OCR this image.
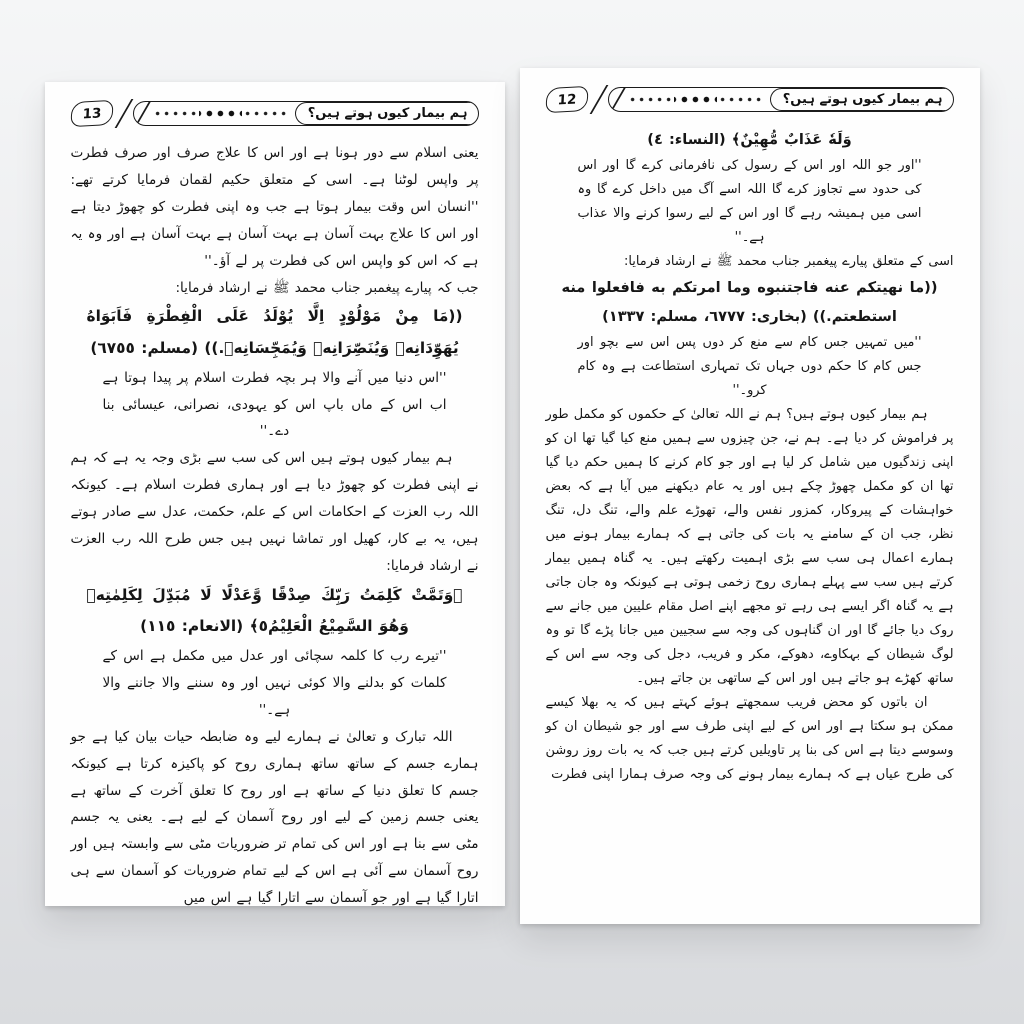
13	ہم بیمار کیوں ہوتے ہیں؟

یعنی اسلام سے دور ہونا ہے اور اس کا علاج صرف اور صرف فطرت پر واپس لوٹنا ہے۔ اسی کے متعلق حکیم لقمان فرمایا کرتے تھے: ''انسان اس وقت بیمار ہوتا ہے جب وہ اپنی فطرت کو چھوڑ دیتا ہے اور اس کا علاج بہت آسان ہے بہت آسان ہے بہت آسان ہے اور وہ یہ ہے کہ اس کو واپس اس کی فطرت پر لے آؤ۔''

جب کہ پیارے پیغمبر جناب محمد ﷺ نے ارشاد فرمایا:

((مَا مِنْ مَوْلُوْدٍ اِلَّا يُوْلَدُ عَلَى الْفِطْرَةِ فَاَبَوَاهُ يُهَوِّدَانِهٖ وَيُنَصِّرَانِهٖ وَيُمَجِّسَانِهٖ.)) (مسلم: ٦٧٥٥)

''اس دنیا میں آنے والا ہر بچہ فطرت اسلام پر پیدا ہوتا ہے اب اس کے ماں باپ اس کو یہودی، نصرانی، عیسائی بنا دے۔''

ہم بیمار کیوں ہوتے ہیں اس کی سب سے بڑی وجہ یہ ہے کہ ہم نے اپنی فطرت کو چھوڑ دیا ہے اور ہماری فطرت اسلام ہے۔ کیونکہ اللہ رب العزت کے احکامات اس کے علم، حکمت، عدل سے صادر ہوتے ہیں، یہ بے کار، کھیل اور تماشا نہیں ہیں جس طرح اللہ رب العزت نے ارشاد فرمایا:

﴿وَتَمَّتْ كَلِمَتُ رَبِّكَ صِدْقًا وَّعَدْلًا لَا مُبَدِّلَ لِكَلِمٰتِهٖ وَهُوَ السَّمِيْعُ الْعَلِيْمُ٥﴾ (الانعام: ١١٥)

''تیرے رب کا کلمہ سچائی اور عدل میں مکمل ہے اس کے کلمات کو بدلنے والا کوئی نہیں اور وہ سننے والا جاننے والا ہے۔''

اللہ تبارک و تعالیٰ نے ہمارے لیے وہ ضابطہ حیات بیان کیا ہے جو ہمارے جسم کے ساتھ ساتھ ہماری روح کو پاکیزہ کرتا ہے کیونکہ جسم کا تعلق دنیا کے ساتھ ہے اور روح کا تعلق آخرت کے ساتھ ہے یعنی جسم زمین کے لیے اور روح آسمان کے لیے ہے۔ یعنی یہ جسم مٹی سے بنا ہے اور اس کی تمام تر ضروریات مٹی سے وابستہ ہیں اور روح آسمان سے آئی ہے اس کے لیے تمام ضروریات کو آسمان سے ہی اتارا گیا ہے اور جو آسمان سے اتارا گیا ہے اس میں

12	ہم بیمار کیوں ہوتے ہیں؟

وَلَهٗ عَذَابٌ مُّهِيْنٌ﴾ (النساء: ٤)

''اور جو اللہ اور اس کے رسول کی نافرمانی کرے گا اور اس کی حدود سے تجاوز کرے گا اللہ اسے آگ میں داخل کرے گا وہ اسی میں ہمیشہ رہے گا اور اس کے لیے رسوا کرنے والا عذاب ہے۔''

اسی کے متعلق پیارے پیغمبر جناب محمد ﷺ نے ارشاد فرمایا:

((ما نهيتكم عنه فاجتنبوه وما امرتكم به فافعلوا منه استطعتم.)) (بخاری: ٦٧٧٧، مسلم: ١٣٣٧)

''میں تمہیں جس کام سے منع کر دوں پس اس سے بچو اور جس کام کا حکم دوں جہاں تک تمہاری استطاعت ہے وہ کام کرو۔''

ہم بیمار کیوں ہوتے ہیں؟ ہم نے اللہ تعالیٰ کے حکموں کو مکمل طور پر فراموش کر دیا ہے۔ ہم نے، جن چیزوں سے ہمیں منع کیا گیا تھا ان کو اپنی زندگیوں میں شامل کر لیا ہے اور جو کام کرنے کا ہمیں حکم دیا گیا تھا ان کو مکمل چھوڑ چکے ہیں اور یہ عام دیکھنے میں آیا ہے کہ بعض خواہشات کے پیروکار، کمزور نفس والے، تھوڑے علم والے، تنگ دل، تنگ نظر، جب ان کے سامنے یہ بات کی جاتی ہے کہ ہمارے بیمار ہونے میں ہمارے اعمال ہی سب سے بڑی اہمیت رکھتے ہیں۔ یہ گناہ ہمیں بیمار کرتے ہیں سب سے پہلے ہماری روح زخمی ہوتی ہے کیونکہ وہ جان جاتی ہے یہ گناہ اگر ایسے ہی رہے تو مجھے اپنے اصل مقام علیین میں جانے سے روک دیا جائے گا اور ان گناہوں کی وجہ سے سجیین میں جانا پڑے گا تو وہ لوگ شیطان کے بہکاوے، دھوکے، مکر و فریب، دجل کی وجہ سے اس کے ساتھ کھڑے ہو جاتے ہیں اور اس کے ساتھی بن جاتے ہیں۔

ان باتوں کو محض فریب سمجھتے ہوئے کہتے ہیں کہ یہ بھلا کیسے ممکن ہو سکتا ہے اور اس کے لیے اپنی طرف سے اور جو شیطان ان کو وسوسے دیتا ہے اس کی بنا پر تاویلیں کرتے ہیں جب کہ یہ بات روز روشن کی طرح عیاں ہے کہ ہمارے بیمار ہونے کی وجہ صرف ہمارا اپنی فطرت
